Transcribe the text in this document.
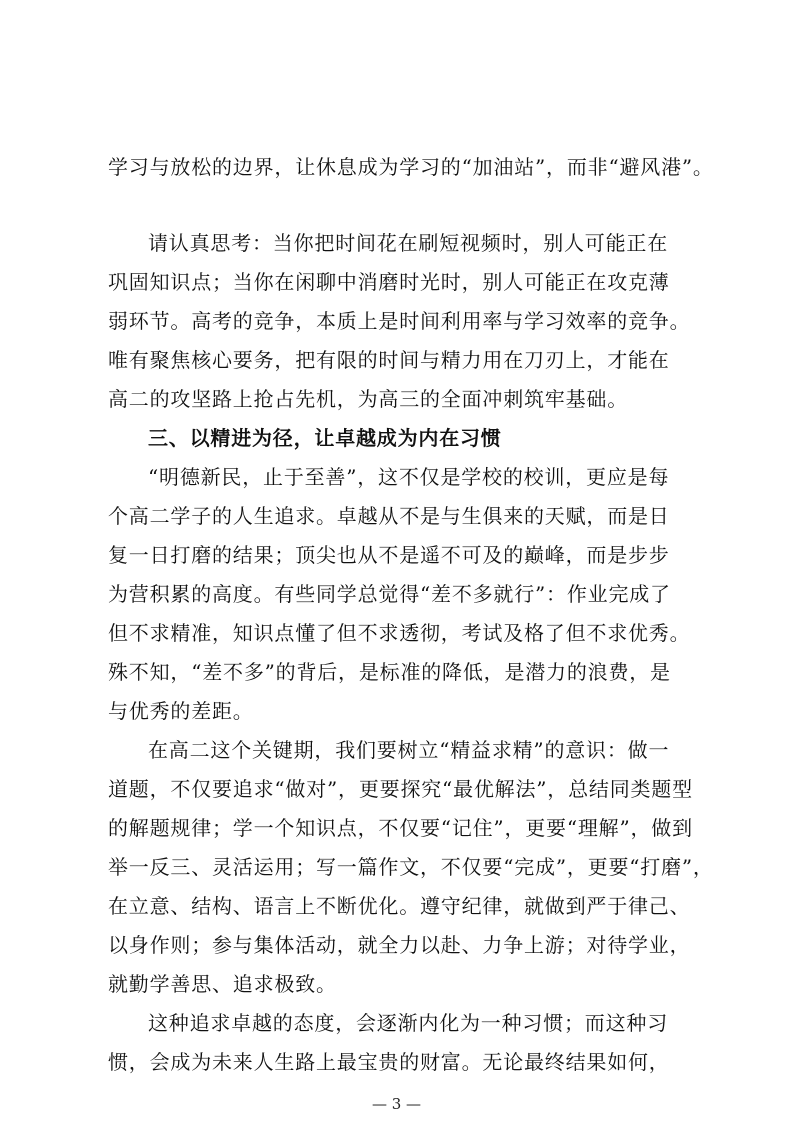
学习与放松的边界，让休息成为学习的“加油站”，而非“避风港”。
请认真思考：当你把时间花在刷短视频时，别人可能正在
巩固知识点；当你在闲聊中消磨时光时，别人可能正在攻克薄
弱环节。高考的竞争，本质上是时间利用率与学习效率的竞争。
唯有聚焦核心要务，把有限的时间与精力用在刀刃上，才能在
高二的攻坚路上抢占先机，为高三的全面冲刺筑牢基础。
三、以精进为径，让卓越成为内在习惯
“明德新民，止于至善”，这不仅是学校的校训，更应是每
个高二学子的人生追求。卓越从不是与生俱来的天赋，而是日
复一日打磨的结果；顶尖也从不是遥不可及的巅峰，而是步步
为营积累的高度。有些同学总觉得“差不多就行”：作业完成了
但不求精准，知识点懂了但不求透彻，考试及格了但不求优秀。
殊不知，“差不多”的背后，是标准的降低，是潜力的浪费，是
与优秀的差距。
在高二这个关键期，我们要树立“精益求精”的意识：做一
道题，不仅要追求“做对”，更要探究“最优解法”，总结同类题型
的解题规律；学一个知识点，不仅要“记住”，更要“理解”，做到
举一反三、灵活运用；写一篇作文，不仅要“完成”，更要“打磨”，
在立意、结构、语言上不断优化。遵守纪律，就做到严于律己、
以身作则；参与集体活动，就全力以赴、力争上游；对待学业，
就勤学善思、追求极致。
这种追求卓越的态度，会逐渐内化为一种习惯；而这种习
惯，会成为未来人生路上最宝贵的财富。无论最终结果如何，
— 3 —
